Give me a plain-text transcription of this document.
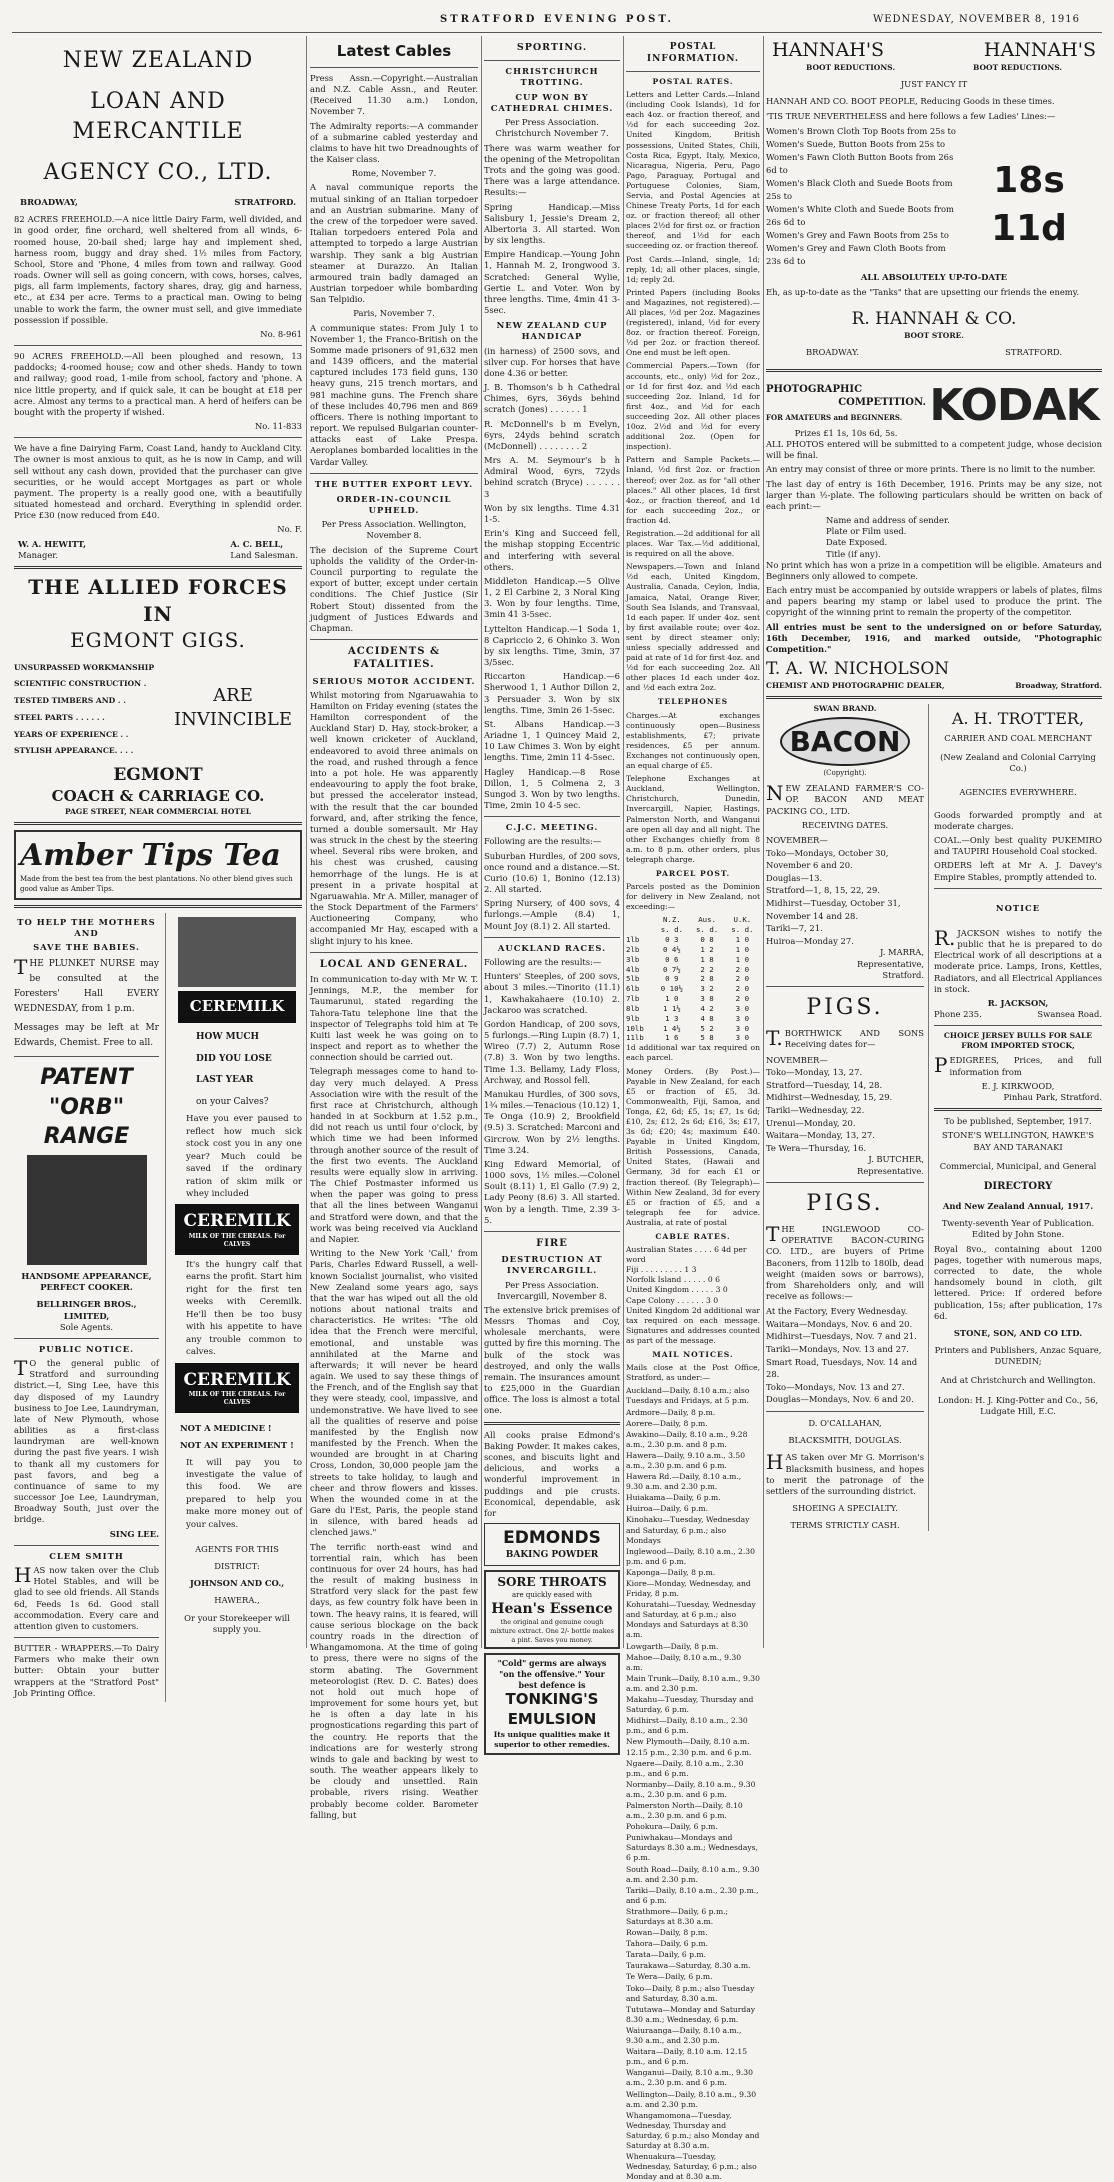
STRATFORD EVENING POST.	WEDNESDAY, NOVEMBER 8, 1916
NEW ZEALAND
LOAN AND MERCANTILE
AGENCY CO., LTD.
BROADWAY,	STRATFORD.

82 ACRES FREEHOLD.—A nice little Dairy Farm, well divided, and in good order, fine orchard, well sheltered from all winds, 6-roomed house, 20-bail shed; large hay and implement shed, harness room, buggy and dray shed. 1½ miles from Factory, School, Store and 'Phone, 4 miles from town and railway. Good roads. Owner will sell as going concern, with cows, horses, calves, pigs, all farm implements, factory shares, dray, gig and harness, etc., at £34 per acre. Terms to a practical man. Owing to being unable to work the farm, the owner must sell, and give immediate possession if possible.

No. 8-961

90 ACRES FREEHOLD.—All been ploughed and resown, 13 paddocks; 4-roomed house; cow and other sheds. Handy to town and railway; good road, 1-mile from school, factory and 'phone. A nice little property, and if quick sale, it can be bought at £18 per acre. Almost any terms to a practical man. A herd of heifers can be bought with the property if wished.

No. 11-833

We have a fine Dairying Farm, Coast Land, handy to Auckland City. The owner is most anxious to quit, as he is now in Camp, and will sell without any cash down, provided that the purchaser can give securities, or he would accept Mortgages as part or whole payment. The property is a really good one, with a beautifully situated homestead and orchard. Everything in splendid order. Price £30 (now reduced from £40.

No. F.
W. A. HEWITT,
Manager.
A. C. BELL,
Land Salesman.
THE ALLIED FORCES IN
EGMONT GIGS.
UNSURPASSED WORKMANSHIP
SCIENTIFIC CONSTRUCTION .
TESTED TIMBERS AND . .
STEEL PARTS . . . . . .
YEARS OF EXPERIENCE . .
STYLISH APPEARANCE. . . .
ARE
INVINCIBLE
EGMONT
COACH & CARRIAGE CO.
PAGE STREET, NEAR COMMERCIAL HOTEL
Amber Tips Tea
Made from the best tea from the best plantations. No other blend gives such good value as Amber Tips.
TO HELP THE MOTHERS AND
SAVE THE BABIES.

THE PLUNKET NURSE may be consulted at the Foresters' Hall EVERY WEDNESDAY, from 1 p.m.

Messages may be left at Mr Edwards, Chemist. Free to all.

PATENT
"ORB"
RANGE
HANDSOME APPEARANCE,
PERFECT COOKER.
BELLRINGER BROS., LIMITED,
Sole Agents.
PUBLIC NOTICE.

TO the general public of Stratford and surrounding district.—I, Sing Lee, have this day disposed of my Laundry business to Joe Lee, Laundryman, late of New Plymouth, whose abilities as a first-class laundryman are well-known during the past five years. I wish to thank all my customers for past favors, and beg a continuance of same to my successor Joe Lee, Laundryman, Broadway South, just over the bridge.

SING LEE.
CLEM SMITH

HAS now taken over the Club Hotel Stables, and will be glad to see old friends. All Stands 6d, Feeds 1s 6d. Good stall accommodation. Every care and attention given to customers.

BUTTER - WRAPPERS.—To Dairy Farmers who make their own butter: Obtain your butter wrappers at the "Stratford Post" Job Printing Office.

CEREMILK
HOW MUCH
DID YOU LOSE
LAST YEAR
on your Calves?

Have you ever paused to reflect how much sick stock cost you in any one year? Much could be saved if the ordinary ration of skim milk or whey included

CEREMILK
MILK OF THE CEREALS. For CALVES

It's the hungry calf that earns the profit. Start him right for the first ten weeks with Ceremilk. He'll then be too busy with his appetite to have any trouble common to calves.

CEREMILK
MILK OF THE CEREALS. For CALVES
NOT A MEDICINE !
NOT AN EXPERIMENT !

It will pay you to investigate the value of this food. We are prepared to help you make more money out of your calves.

AGENTS FOR THIS
DISTRICT:
JOHNSON AND CO.,
HAWERA.,

Or your Storekeeper will supply you.

Latest Cables

Press Assn.—Copyright.—Australian and N.Z. Cable Assn., and Reuter. (Received 11.30 a.m.) London, November 7.

The Admiralty reports:—A commander of a submarine cabled yesterday and claims to have hit two Dreadnoughts of the Kaiser class.

Rome, November 7.

A naval communique reports the mutual sinking of an Italian torpedoer and an Austrian submarine. Many of the crew of the torpedoer were saved. Italian torpedoers entered Pola and attempted to torpedo a large Austrian warship. They sank a big Austrian steamer at Durazzo. An Italian armoured train badly damaged an Austrian torpedoer while bombarding San Telpidio.

Paris, November 7.

A communique states: From July 1 to November 1, the Franco-British on the Somme made prisoners of 91,632 men and 1439 officers, and the material captured includes 173 field guns, 130 heavy guns, 215 trench mortars, and 981 machine guns. The French share of these includes 40,796 men and 869 officers. There is nothing important to report. We repulsed Bulgarian counter-attacks east of Lake Prespa. Aeroplanes bombarded localities in the Vardar Valley.

THE BUTTER EXPORT LEVY.
ORDER-IN-COUNCIL UPHELD.

Per Press Association. Wellington, November 8.

The decision of the Supreme Court upholds the validity of the Order-in-Council purporting to regulate the export of butter, except under certain conditions. The Chief Justice (Sir Robert Stout) dissented from the judgment of Justices Edwards and Chapman.

ACCIDENTS & FATALITIES.
SERIOUS MOTOR ACCIDENT.

Whilst motoring from Ngaruawahia to Hamilton on Friday evening (states the Hamilton correspondent of the Auckland Star) D. Hay, stock-broker, a well known cricketer of Auckland, endeavored to avoid three animals on the road, and rushed through a fence into a pot hole. He was apparently endeavouring to apply the foot brake, but pressed the accelerator instead, with the result that the car bounded forward, and, after striking the fence, turned a double somersault. Mr Hay was struck in the chest by the steering wheel. Several ribs were broken, and his chest was crushed, causing hemorrhage of the lungs. He is at present in a private hospital at Ngaruawahia. Mr A. Miller, manager of the Stock Department of the Farmers' Auctioneering Company, who accompanied Mr Hay, escaped with a slight injury to his knee.

LOCAL AND GENERAL.

In communication to-day with Mr W. T. Jennings, M.P., the member for Taumarunui, stated regarding the Tahora-Tatu telephone line that the inspector of Telegraphs told him at Te Kuiti last week he was going on to inspect and report as to whether the connection should be carried out.

Telegraph messages come to hand to-day very much delayed. A Press Association wire with the result of the first race at Christchurch, although handed in at Sockburn at 1.52 p.m., did not reach us until four o'clock, by which time we had been informed through another source of the result of the first two events. The Auckland results were equally slow in arriving. The Chief Postmaster informed us when the paper was going to press that all the lines between Wanganui and Stratford were down, and that the work was being received via Auckland and Napier.

Writing to the New York 'Call,' from Paris, Charles Edward Russell, a well-known Socialist journalist, who visited New Zealand some years ago, says that the war has wiped out all the old notions about national traits and characteristics. He writes: "The old idea that the French were merciful, emotional, and unstable was annihilated at the Marne and afterwards; it will never be heard again. We used to say these things of the French, and of the English say that they were steady, cool, impassive, and undemonstrative. We have lived to see all the qualities of reserve and poise manifested by the English now manifested by the French. When the wounded are brought in at Charing Cross, London, 30,000 people jam the streets to take holiday, to laugh and cheer and throw flowers and kisses. When the wounded come in at the Gare du l'Est, Paris, the people stand in silence, with bared heads ad clenched jaws."

The terrific north-east wind and torrential rain, which has been continuous for over 24 hours, has had the result of making business in Stratford very slack for the past few days, as few country folk have been in town. The heavy rains, it is feared, will cause serious blockage on the back country roads in the direction of Whangamomona. At the time of going to press, there were no signs of the storm abating. The Government meteorologist (Rev. D. C. Bates) does not hold out much hope of improvement for some hours yet, but he is often a day late in his prognostications regarding this part of the country. He reports that the indications are for westerly strong winds to gale and backing by west to south. The weather appears likely to be cloudy and unsettled. Rain probable, rivers rising. Weather probably become colder. Barometer falling, but

SPORTING.
CHRISTCHURCH TROTTING.
CUP WON BY CATHEDRAL CHIMES.

Per Press Association. Christchurch November 7.

There was warm weather for the opening of the Metropolitan Trots and the going was good. There was a large attendance. Results:—

Spring Handicap.—Miss Salisbury 1, Jessie's Dream 2, Albertoria 3. All started. Won by six lengths.

Empire Handicap.—Young John 1, Hannah M. 2, Irongwood 3. Scratched: General Wylie, Gertie L. and Voter. Won by three lengths. Time, 4min 41 3-5sec.

NEW ZEALAND CUP HANDICAP

(in harness) of 2500 sovs, and silver cup. For horses that have done 4.36 or better.

J. B. Thomson's b h Cathedral Chimes, 6yrs, 36yds behind scratch (Jones) . . . . . . 1

R. McDonnell's b m Evelyn, 6yrs, 24yds behind scratch (McDonnell) . . . . . . . . 2

Mrs A. M. Seymour's b h Admiral Wood, 6yrs, 72yds behind scratch (Bryce) . . . . . . 3

Won by six lengths. Time 4.31 1-5.

Erin's King and Succeed fell, the mishap stopping Eccentric and interfering with several others.

Middleton Handicap.—5 Olive 1, 2 El Carbine 2, 3 Noral King 3. Won by four lengths. Time, 3min 41 3-5sec.

Lyttelton Handicap.—1 Soda 1, 8 Capriccio 2, 6 Ohinko 3. Won by six lengths. Time, 3min, 37 3/5sec.

Riccarton Handicap.—6 Sherwood 1, 1 Author Dillon 2, 3 Persuader 3. Won by six lengths. Time, 3min 26 1-5sec.

St. Albans Handicap.—3 Ariadne 1, 1 Quincey Maid 2, 10 Law Chimes 3. Won by eight lengths. Time, 2min 11 4-5sec.

Hagley Handicap.—8 Rose Dillon, 1, 5 Colmena 2, 3 Sungod 3. Won by two lengths. Time, 2min 10 4-5 sec.

C.J.C. MEETING.

Following are the results:—

Suburban Hurdles, of 200 sovs, once round and a distance.—St. Curio (10.6) 1, Bonino (12.13) 2. All started.

Spring Nursery, of 400 sovs, 4 furlongs.—Ample (8.4) 1, Mount Joy (8.1) 2. All started.

AUCKLAND RACES.

Following are the results:—

Hunters' Steeples, of 200 sovs, about 3 miles.—Tinorito (11.1) 1, Kawhakahaere (10.10) 2. Jackaroo was scratched.

Gordon Handicap, of 200 sovs, 5 furlongs.—Ring Lupin (8.7) 1, Wireo (7.7) 2, Autumn Rose (7.8) 3. Won by two lengths. Time 1.3. Bellamy, Lady Floss, Archway, and Rossol fell.

Manukau Hurdles, of 300 sovs, 1¾ miles.—Tenacious (10.12) 1, Te Onga (10.9) 2, Brookfield (9.5) 3. Scratched: Marconi and Gircrow. Won by 2½ lengths. Time 3.24.

King Edward Memorial, of 1000 sovs, 1½ miles.—Colonel Soult (8.11) 1, El Gallo (7.9) 2, Lady Peony (8.6) 3. All started. Won by a length. Time, 2.39 3-5.

FIRE
DESTRUCTION AT INVERCARGILL.

Per Press Association. Invercargill, November 8.

The extensive brick premises of Messrs Thomas and Coy, wholesale merchants, were gutted by fire this morning. The bulk of the stock was destroyed, and only the walls remain. The insurances amount to £25,000 in the Guardian office. The loss is almost a total one.

All cooks praise Edmond's Baking Powder. It makes cakes, scones, and biscuits light and delicious, and works a wonderful improvement in puddings and pie crusts. Economical, dependable, ask for

EDMONDS
BAKING POWDER
SORE THROATS
are quickly eased with
Hean's Essence
the original and genuine cough mixture extract. One 2/- bottle makes a pint. Saves you money.
"Cold" germs are always "on the offensive." Your best defence is
TONKING'S
EMULSION
Its unique qualities make it superior to other remedies.
POSTAL INFORMATION.
POSTAL RATES.

Letters and Letter Cards.—Inland (including Cook Islands), 1d for each 4oz. or fraction thereof, and ½d for each succeeding 2oz. United Kingdom, British possessions, United States, Chili, Costa Rica, Egypt, Italy, Mexico, Nicaragua, Nigeria, Peru, Pago Pago, Paraguay, Portugal and Portuguese Colonies, Siam, Servia, and Postal Agencies at Chinese Treaty Ports, 1d for each oz. or fraction thereof; all other places 2½d for first oz. or fraction thereof, and 1½d for each succeeding oz. or fraction thereof.

Post Cards.—Inland, single, 1d; reply, 1d; all other places, single, 1d; reply 2d.

Printed Papers (including Books and Magazines, not registered).—All places, ½d per 2oz. Magazines (registered), inland, ½d for every 8oz. or fraction thereof. Foreign, ½d per 2oz. or fraction thereof. One end must be left open.

Commercial Papers.—Town (for accounts, etc., only) ½d for 2oz., or 1d for first 4oz. and ½d each succeeding 2oz. Inland, 1d for first 4oz., and ½d for each succeeding 2oz. All other places 10oz. 2½d and ½d for every additional 2oz. (Open for inspection).

Pattern and Sample Packets.—Inland, ½d first 2oz. or fraction thereof; over 2oz. as for "all other places." All other places, 1d first 4oz., or fraction thereof, and 1d for each succeeding 2oz., or fraction 4d.

Registration.—2d additional for all places. War Tax.—½d additional, is required on all the above.

Newspapers.—Town and Inland ½d each, United Kingdom, Australia, Canada, Ceylon, India, Jamaica, Natal, Orange River, South Sea Islands, and Transvaal, 1d each paper. If under 4oz. sent by first available route; over 4oz. sent by direct steamer only; unless specially addressed and paid at rate of 1d for first 4oz. and ½d for each succeeding 2oz. All other places 1d each under 4oz. and ½d each extra 2oz.

TELEPHONES

Charges.—At exchanges continuously open—Business establishments, £7; private residences, £5 per annum. Exchanges not continuously open, an equal charge of £5.

Telephone Exchanges at Auckland, Wellington, Christchurch, Dunedin, Invercargill, Napier, Hastings, Palmerston North, and Wanganui are open all day and all night. The other Exchanges chiefly from 8 a.m. to 8 p.m. other orders, plus telegraph charge.

PARCEL POST.

Parcels posted as the Dominion for delivery in New Zealand, not exceeding:—

	N.Z.	Aus.	U.K.
	s. d.	s. d.	s. d.
1lb	0 3	0 8	1 0
2lb	0 4½	1 2	1 0
3lb	0 6	1 8	1 0
4lb	0 7½	2 2	2 0
5lb	0 9	2 8	2 0
6lb	0 10½	3 2	2 0
7lb	1 0	3 8	2 0
8lb	1 1½	4 2	3 0
9lb	1 3	4 8	3 0
10lb	1 4½	5 2	3 0
11lb	1 6	5 8	3 0

1d additional war tax required on each parcel.

Money Orders. (By Post.)—Payable in New Zealand, for each £5 or fraction of £5, 3d. Commonwealth, Fiji, Samoa, and Tonga, £2, 6d; £5, 1s; £7, 1s 6d; £10, 2s; £12, 2s 6d; £16, 3s; £17, 3s 6d; £20; 4s; maximum £40. Payable in United Kingdom, British Possessions, Canada, United States, (Hawaii and Germany, 3d for each £1 or fraction thereof. (By Telegraph)—Within New Zealand, 3d for every £5 or fraction of £5, and a telegraph fee for advice. Australia, at rate of postal

CABLE RATES.
Australian States . . . . 6 4d per word
Fiji . . . . . . . . . 1 3
Norfolk Island . . . . . 0 6
United Kingdom . . . . . 3 0
Cape Colony . . . . . . 3 0

United Kingdom 2d additional war tax required on each message. Signatures and addresses counted as part of the message.

MAIL NOTICES.

Mails close at the Post Office, Stratford, as under:—

Auckland—Daily, 8.10 a.m.; also Tuesdays and Fridays, at 5 p.m.
Ardmore—Daily, 8 p.m.
Aorere—Daily, 8 p.m.
Awakino—Daily, 8.10 a.m., 9.28 a.m., 2.30 p.m. and 8 p.m.
Hawera—Daily, 9.10 a.m., 3.50 a.m., 2.30 p.m. and 6 p.m.
Hawera Rd.—Daily, 8.10 a.m., 9.30 a.m. and 2.30 p.m.
Huiakama—Daily, 6 p.m.
Huiroa—Daily, 6 p.m.
Kinohaku—Tuesday, Wednesday and Saturday, 6 p.m.; also Mondays
Inglewood—Daily, 8.10 a.m., 2.30 p.m. and 6 p.m.
Kaponga—Daily, 8 p.m.
Kiore—Monday, Wednesday, and Friday, 8 p.m.
Kohuratahi—Tuesday, Wednesday and Saturday, at 6 p.m.; also Mondays and Saturdays at 8.30 a.m.
Lowgarth—Daily, 8 p.m.
Mahoe—Daily, 8.10 a.m., 9.30 a.m.
Main Trunk—Daily, 8.10 a.m., 9.30 a.m. and 2.30 p.m.
Makahu—Tuesday, Thursday and Saturday, 6 p.m.
Midhirst—Daily, 8.10 a.m., 2.30 p.m., and 6 p.m.
New Plymouth—Daily, 8.10 a.m. 12.15 p.m., 2.30 p.m. and 6 p.m.
Ngaere—Daily, 8.10 a.m., 2.30 p.m., and 6 p.m.
Normanby—Daily, 8.10 a.m., 9.30 a.m., 2.30 p.m. and 6 p.m.
Palmerston North—Daily, 8.10 a.m., 2.30 p.m. and 6 p.m.
Pohokura—Daily, 6 p.m.
Puniwhakau—Mondays and Saturdays 8.30 a.m.; Wednesdays, 6 p.m.
South Road—Daily, 8.10 a.m., 9.30 a.m. and 2.30 p.m.
Tariki—Daily, 8.10 a.m., 2.30 p.m., and 6 p.m.
Strathmore—Daily, 6 p.m.; Saturdays at 8.30 a.m.
Rowan—Daily, 8 p.m.
Tahora—Daily, 6 p.m.
Tarata—Daily, 6 p.m.
Taurakawa—Saturday, 8.30 a.m.
Te Wera—Daily, 6 p.m.
Toko—Daily, 8 p.m.; also Tuesday and Saturday, 8.30 a.m.
Tututawa—Monday and Saturday 8.30 a.m.; Wednesday, 6 p.m.
Waiuraanga—Daily, 8.10 a.m., 9.30 a.m., and 2.30 p.m.
Waitara—Daily, 8.10 a.m. 12.15 p.m., and 6 p.m.
Wanganui—Daily, 8.10 a.m., 9.30 a.m., 2.30 p.m. and 6 p.m.
Wellington—Daily, 8.10 a.m., 9.30 a.m. and 2.30 p.m.
Whangamomona—Tuesday, Wednesday, Thursday and Saturday, 6 p.m.; also Monday and Saturday at 8.30 a.m.
Whenuakura—Tuesday, Wednesday, Saturday, 6 p.m.; also Monday and at 8.30 a.m.
HANNAH'S	HANNAH'S
BOOT REDUCTIONS.	BOOT REDUCTIONS.
JUST FANCY IT

HANNAH AND CO. BOOT PEOPLE, Reducing Goods in these times.

'TIS TRUE NEVERTHELESS and here follows a few Ladies' Lines:—

Women's Brown Cloth Top Boots from 25s to
Women's Suede, Button Boots from 25s to
Women's Fawn Cloth Button Boots from 26s 6d to
Women's Black Cloth and Suede Boots from 25s to
Women's White Cloth and Suede Boots from 26s 6d to
Women's Grey and Fawn Boots from 25s to
Women's Grey and Fawn Cloth Boots from 23s 6d to
18s 11d
ALL ABSOLUTELY UP-TO-DATE

Eh, as up-to-date as the "Tanks" that are upsetting our friends the enemy.

R. HANNAH & CO.
BOOT STORE.
BROADWAY.	STRATFORD.
PHOTOGRAPHIC
COMPETITION.
FOR AMATEURS and BEGINNERS.
Prizes £1 1s, 10s 6d, 5s.
KODAK

ALL PHOTOS entered will be submitted to a competent judge, whose decision will be final.

An entry may consist of three or more prints. There is no limit to the number.

The last day of entry is 16th December, 1916. Prints may be any size, not larger than ½-plate. The following particulars should be written on back of each print:—

Name and address of sender.
Plate or Film used.
Date Exposed.
Title (if any).

No print which has won a prize in a competition will be eligible. Amateurs and Beginners only allowed to compete.

Each entry must be accompanied by outside wrappers or labels of plates, films and papers bearing my stamp or label used to produce the print. The copyright of the winning print to remain the property of the competitor.

All entries must be sent to the undersigned on or before Saturday, 16th December, 1916, and marked outside, "Photographic Competition."

T. A. W. NICHOLSON
CHEMIST AND PHOTOGRAPHIC DEALER,	Broadway, Stratford.
SWAN BRAND.
BACON
(Copyright).

NEW ZEALAND FARMER'S CO-OP. BACON AND MEAT PACKING CO., LTD.

RECEIVING DATES.
NOVEMBER—
Toko—Mondays, October 30, November 6 and 20.
Douglas—13.
Stratford—1, 8, 15, 22, 29.
Midhirst—Tuesday, October 31, November 14 and 28.
Tariki—7, 21.
Huiroa—Monday 27.
J. MARRA,
Representative,
Stratford.
PIGS.

T.BORTHWICK AND SONS Receiving dates for—

NOVEMBER—
Toko—Monday, 13, 27.
Stratford—Tuesday, 14, 28.
Midhirst—Wednesday, 15, 29.
Tariki—Wednesday, 22.
Urenui—Monday, 20.
Waitara—Monday, 13, 27.
Te Wera—Thursday, 16.
J. BUTCHER,
Representative.
PIGS.

THE INGLEWOOD CO-OPERATIVE BACON-CURING CO. LTD., are buyers of Prime Baconers, from 112lb to 180lb, dead weight (maiden sows or barrows), from Shareholders only, and will receive as follows:—

At the Factory, Every Wednesday.
Waitara—Mondays, Nov. 6 and 20.
Midhirst—Tuesdays, Nov. 7 and 21.
Tariki—Mondays, Nov. 13 and 27.
Smart Road, Tuesdays, Nov. 14 and 28.
Toko—Mondays, Nov. 13 and 27.
Douglas—Mondays, Nov. 6 and 20.
D. O'CALLAHAN,
BLACKSMITH, DOUGLAS.

HAS taken over Mr G. Morrison's Blacksmith business, and hopes to merit the patronage of the settlers of the surrounding district.

SHOEING A SPECIALTY.
TERMS STRICTLY CASH.
A. H. TROTTER,
CARRIER AND COAL MERCHANT
(New Zealand and Colonial Carrying Co.)
AGENCIES EVERYWHERE.

Goods forwarded promptly and at moderate charges.

COAL.—Only best quality PUKEMIRO and TAUPIRI Household Coal stocked.

ORDERS left at Mr A. J. Davey's Empire Stables, promptly attended to.

NOTICE

R.JACKSON wishes to notify the public that he is prepared to do Electrical work of all descriptions at a moderate price. Lamps, Irons, Kettles, Radiators, and all Electrical Appliances in stock.

R. JACKSON,
Phone 235.	Swansea Road.
CHOICE JERSEY BULLS FOR SALE
FROM IMPORTED STOCK,

PEDIGREES, Prices, and full information from

E. J. KIRKWOOD,
Pinhau Park, Stratford.

To be published, September, 1917.

STONE'S WELLINGTON, HAWKE'S BAY AND TARANAKI
Commercial, Municipal, and General
DIRECTORY
And New Zealand Annual, 1917.

Twenty-seventh Year of Publication. Edited by John Stone.

Royal 8vo., containing about 1200 pages, together with numerous maps, corrected to date, the whole handsomely bound in cloth, gilt lettered. Price: If ordered before publication, 15s; after publication, 17s 6d.

STONE, SON, AND CO LTD.

Printers and Publishers, Anzac Square, DUNEDIN;

And at Christchurch and Wellington.

London: H. J. King-Potter and Co., 56, Ludgate Hill, E.C.
